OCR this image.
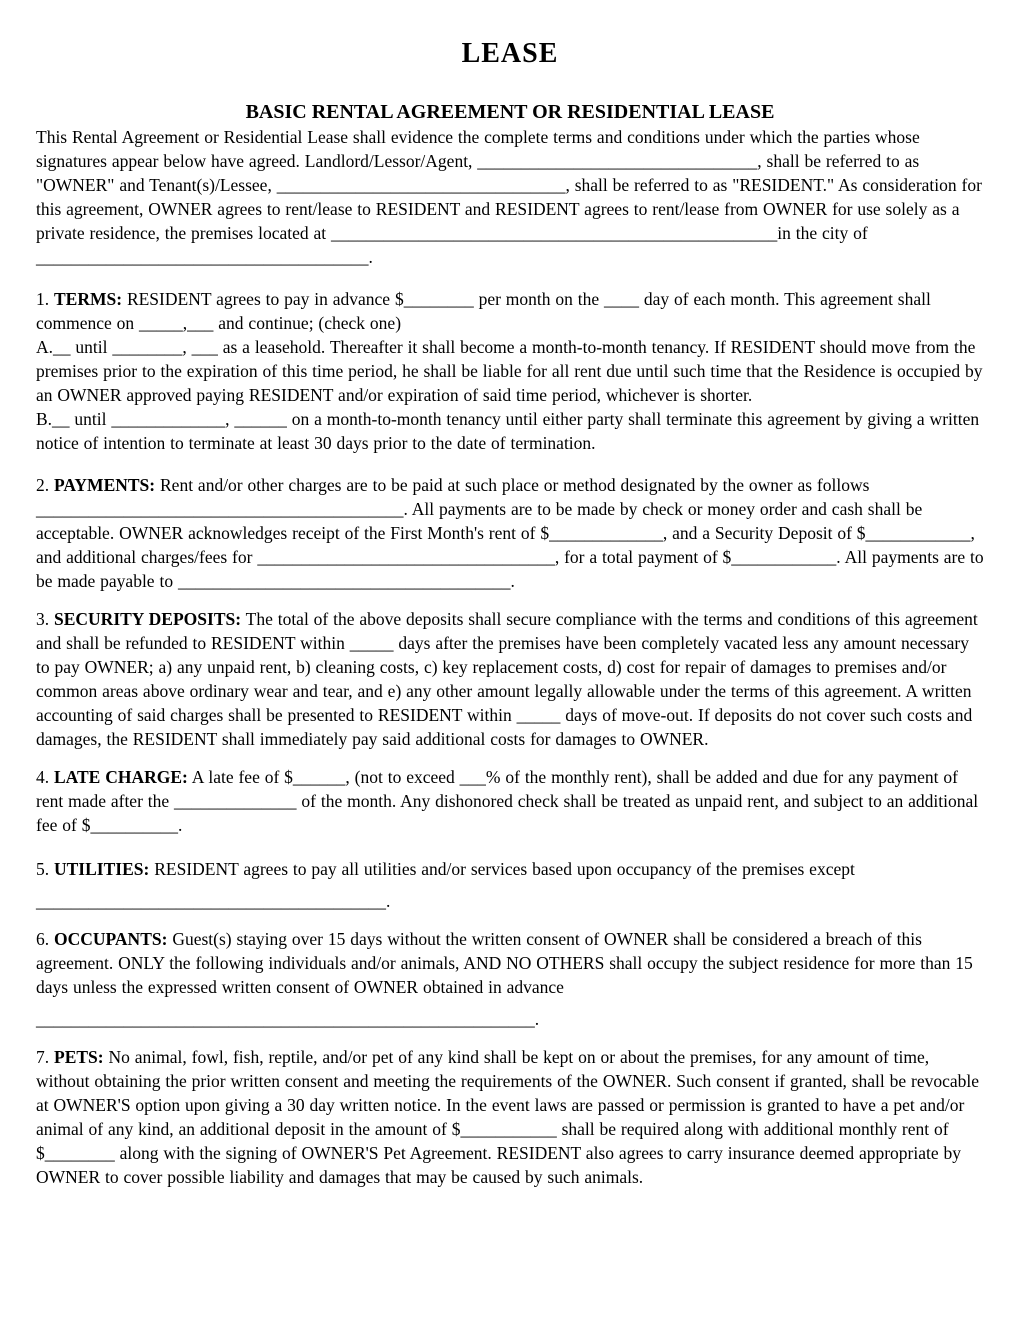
LEASE
BASIC RENTAL AGREEMENT OR RESIDENTIAL LEASE

This Rental Agreement or Residential Lease shall evidence the complete terms and conditions under which the parties whose signatures appear below have agreed. Landlord/Lessor/Agent, ________________________________, shall be referred to as "OWNER" and Tenant(s)/Lessee, _________________________________, shall be referred to as "RESIDENT." As consideration for this agreement, OWNER agrees to rent/lease to RESIDENT and RESIDENT agrees to rent/lease from OWNER for use solely as a private residence, the premises located at ___________________________________________________in the city of ______________________________________.

1. TERMS: RESIDENT agrees to pay in advance $________ per month on the ____ day of each month. This agreement shall commence on _____,___ and continue; (check one)

A.__ until ________, ___ as a leasehold. Thereafter it shall become a month-to-month tenancy. If RESIDENT should move from the premises prior to the expiration of this time period, he shall be liable for all rent due until such time that the Residence is occupied by an OWNER approved paying RESIDENT and/or expiration of said time period, whichever is shorter.

B.__ until _____________, ______ on a month-to-month tenancy until either party shall terminate this agreement by giving a written notice of intention to terminate at least 30 days prior to the date of termination.

2. PAYMENTS: Rent and/or other charges are to be paid at such place or method designated by the owner as follows __________________________________________. All payments are to be made by check or money order and cash shall be acceptable. OWNER acknowledges receipt of the First Month's rent of $_____________, and a Security Deposit of $____________, and additional charges/fees for __________________________________, for a total payment of $____________. All payments are to be made payable to ______________________________________.

3. SECURITY DEPOSITS: The total of the above deposits shall secure compliance with the terms and conditions of this agreement and shall be refunded to RESIDENT within _____ days after the premises have been completely vacated less any amount necessary to pay OWNER; a) any unpaid rent, b) cleaning costs, c) key replacement costs, d) cost for repair of damages to premises and/or common areas above ordinary wear and tear, and e) any other amount legally allowable under the terms of this agreement. A written accounting of said charges shall be presented to RESIDENT within _____ days of move-out. If deposits do not cover such costs and damages, the RESIDENT shall immediately pay said additional costs for damages to OWNER.

4. LATE CHARGE: A late fee of $______, (not to exceed ___% of the monthly rent), shall be added and due for any payment of rent made after the ______________ of the month. Any dishonored check shall be treated as unpaid rent, and subject to an additional fee of $__________.

5. UTILITIES: RESIDENT agrees to pay all utilities and/or services based upon occupancy of the premises except

________________________________________.

6. OCCUPANTS: Guest(s) staying over 15 days without the written consent of OWNER shall be considered a breach of this agreement. ONLY the following individuals and/or animals, AND NO OTHERS shall occupy the subject residence for more than 15 days unless the expressed written consent of OWNER obtained in advance

_________________________________________________________.

7. PETS: No animal, fowl, fish, reptile, and/or pet of any kind shall be kept on or about the premises, for any amount of time, without obtaining the prior written consent and meeting the requirements of the OWNER. Such consent if granted, shall be revocable at OWNER'S option upon giving a 30 day written notice. In the event laws are passed or permission is granted to have a pet and/or animal of any kind, an additional deposit in the amount of $___________ shall be required along with additional monthly rent of $________ along with the signing of OWNER'S Pet Agreement. RESIDENT also agrees to carry insurance deemed appropriate by OWNER to cover possible liability and damages that may be caused by such animals.
